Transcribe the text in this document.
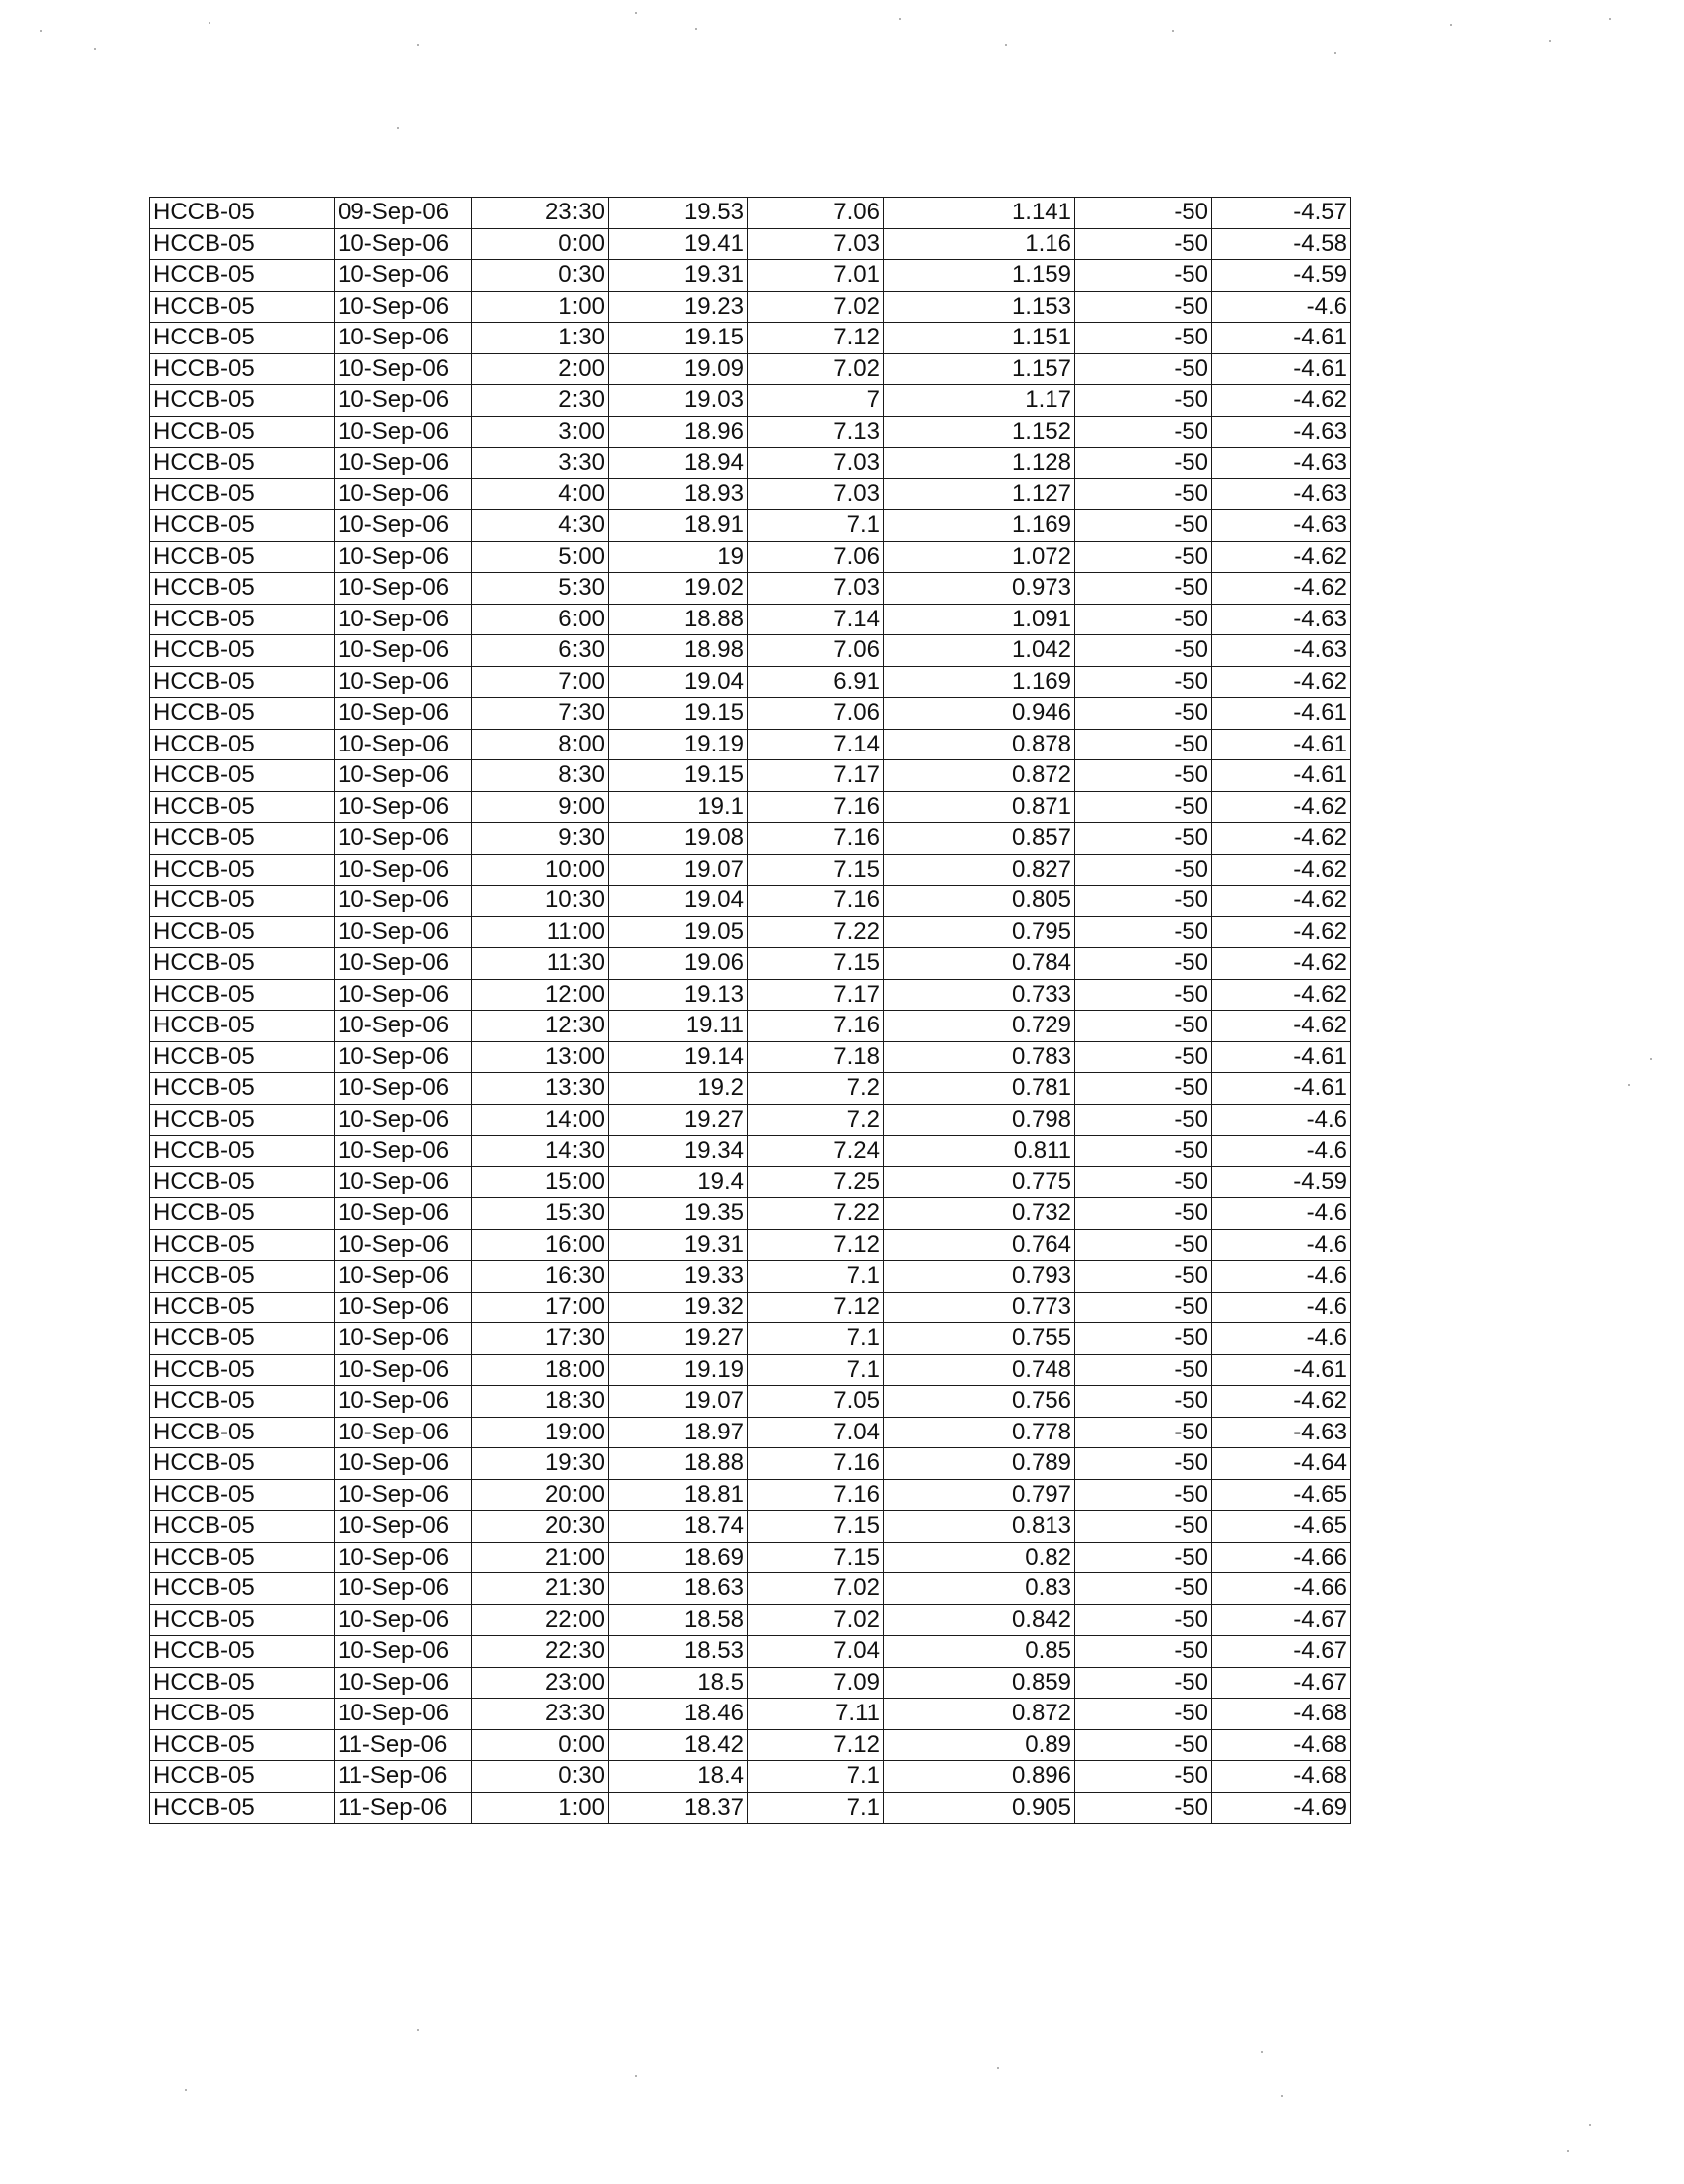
HCCB-05	09-Sep-06	23:30	19.53	7.06	1.141	-50	-4.57
HCCB-05	10-Sep-06	0:00	19.41	7.03	1.16	-50	-4.58
HCCB-05	10-Sep-06	0:30	19.31	7.01	1.159	-50	-4.59
HCCB-05	10-Sep-06	1:00	19.23	7.02	1.153	-50	-4.6
HCCB-05	10-Sep-06	1:30	19.15	7.12	1.151	-50	-4.61
HCCB-05	10-Sep-06	2:00	19.09	7.02	1.157	-50	-4.61
HCCB-05	10-Sep-06	2:30	19.03	7	1.17	-50	-4.62
HCCB-05	10-Sep-06	3:00	18.96	7.13	1.152	-50	-4.63
HCCB-05	10-Sep-06	3:30	18.94	7.03	1.128	-50	-4.63
HCCB-05	10-Sep-06	4:00	18.93	7.03	1.127	-50	-4.63
HCCB-05	10-Sep-06	4:30	18.91	7.1	1.169	-50	-4.63
HCCB-05	10-Sep-06	5:00	19	7.06	1.072	-50	-4.62
HCCB-05	10-Sep-06	5:30	19.02	7.03	0.973	-50	-4.62
HCCB-05	10-Sep-06	6:00	18.88	7.14	1.091	-50	-4.63
HCCB-05	10-Sep-06	6:30	18.98	7.06	1.042	-50	-4.63
HCCB-05	10-Sep-06	7:00	19.04	6.91	1.169	-50	-4.62
HCCB-05	10-Sep-06	7:30	19.15	7.06	0.946	-50	-4.61
HCCB-05	10-Sep-06	8:00	19.19	7.14	0.878	-50	-4.61
HCCB-05	10-Sep-06	8:30	19.15	7.17	0.872	-50	-4.61
HCCB-05	10-Sep-06	9:00	19.1	7.16	0.871	-50	-4.62
HCCB-05	10-Sep-06	9:30	19.08	7.16	0.857	-50	-4.62
HCCB-05	10-Sep-06	10:00	19.07	7.15	0.827	-50	-4.62
HCCB-05	10-Sep-06	10:30	19.04	7.16	0.805	-50	-4.62
HCCB-05	10-Sep-06	11:00	19.05	7.22	0.795	-50	-4.62
HCCB-05	10-Sep-06	11:30	19.06	7.15	0.784	-50	-4.62
HCCB-05	10-Sep-06	12:00	19.13	7.17	0.733	-50	-4.62
HCCB-05	10-Sep-06	12:30	19.11	7.16	0.729	-50	-4.62
HCCB-05	10-Sep-06	13:00	19.14	7.18	0.783	-50	-4.61
HCCB-05	10-Sep-06	13:30	19.2	7.2	0.781	-50	-4.61
HCCB-05	10-Sep-06	14:00	19.27	7.2	0.798	-50	-4.6
HCCB-05	10-Sep-06	14:30	19.34	7.24	0.811	-50	-4.6
HCCB-05	10-Sep-06	15:00	19.4	7.25	0.775	-50	-4.59
HCCB-05	10-Sep-06	15:30	19.35	7.22	0.732	-50	-4.6
HCCB-05	10-Sep-06	16:00	19.31	7.12	0.764	-50	-4.6
HCCB-05	10-Sep-06	16:30	19.33	7.1	0.793	-50	-4.6
HCCB-05	10-Sep-06	17:00	19.32	7.12	0.773	-50	-4.6
HCCB-05	10-Sep-06	17:30	19.27	7.1	0.755	-50	-4.6
HCCB-05	10-Sep-06	18:00	19.19	7.1	0.748	-50	-4.61
HCCB-05	10-Sep-06	18:30	19.07	7.05	0.756	-50	-4.62
HCCB-05	10-Sep-06	19:00	18.97	7.04	0.778	-50	-4.63
HCCB-05	10-Sep-06	19:30	18.88	7.16	0.789	-50	-4.64
HCCB-05	10-Sep-06	20:00	18.81	7.16	0.797	-50	-4.65
HCCB-05	10-Sep-06	20:30	18.74	7.15	0.813	-50	-4.65
HCCB-05	10-Sep-06	21:00	18.69	7.15	0.82	-50	-4.66
HCCB-05	10-Sep-06	21:30	18.63	7.02	0.83	-50	-4.66
HCCB-05	10-Sep-06	22:00	18.58	7.02	0.842	-50	-4.67
HCCB-05	10-Sep-06	22:30	18.53	7.04	0.85	-50	-4.67
HCCB-05	10-Sep-06	23:00	18.5	7.09	0.859	-50	-4.67
HCCB-05	10-Sep-06	23:30	18.46	7.11	0.872	-50	-4.68
HCCB-05	11-Sep-06	0:00	18.42	7.12	0.89	-50	-4.68
HCCB-05	11-Sep-06	0:30	18.4	7.1	0.896	-50	-4.68
HCCB-05	11-Sep-06	1:00	18.37	7.1	0.905	-50	-4.69
